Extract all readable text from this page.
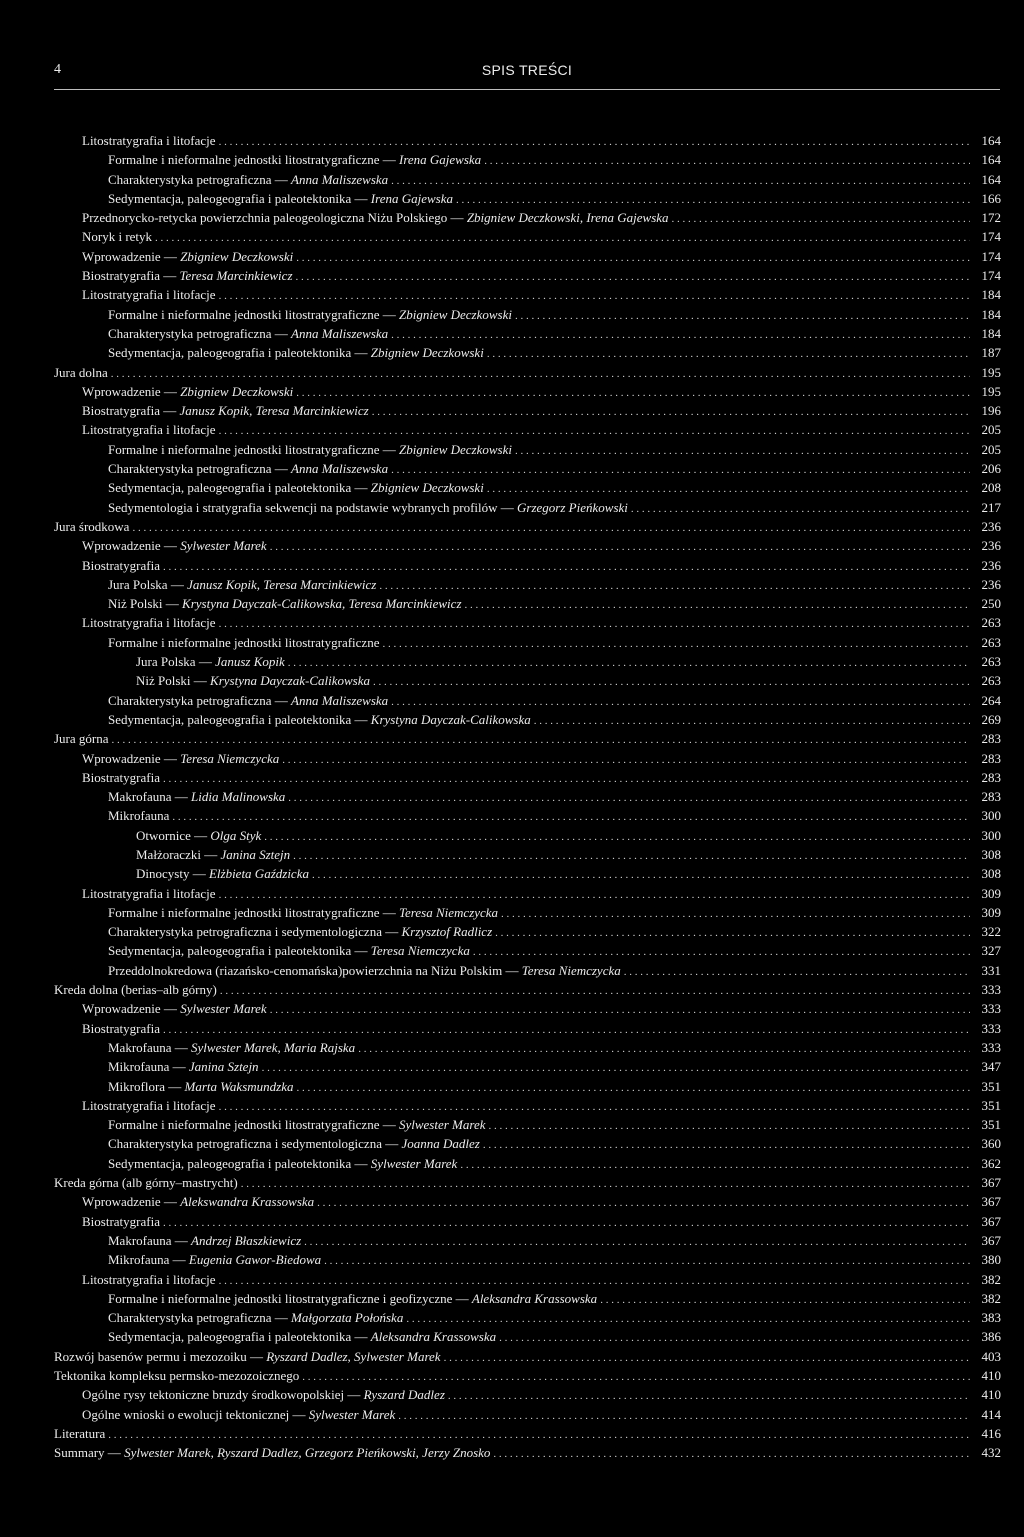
4	SPIS TREŚCI
Litostratygrafia i litofacje . . .	164
Formalne i nieformalne jednostki litostratygraficzne — Irena Gajewska . . .	164
Charakterystyka petrograficzna — Anna Maliszewska . . .	164
Sedymentacja, paleogeografia i paleotektonika — Irena Gajewska . . .	166
Przednorycko-retycka powierzchnia paleogeologiczna Niżu Polskiego — Zbigniew Deczkowski, Irena Gajewska . . .	172
Noryk i retyk . . .	174
Wprowadzenie — Zbigniew Deczkowski . . .	174
Biostratygrafia — Teresa Marcinkiewicz . . .	174
Litostratygrafia i litofacje . . .	184
Formalne i nieformalne jednostki litostratygraficzne — Zbigniew Deczkowski . . .	184
Charakterystyka petrograficzna — Anna Maliszewska . . .	184
Sedymentacja, paleogeografia i paleotektonika — Zbigniew Deczkowski . . .	187
Jura dolna . . .	195
Wprowadzenie — Zbigniew Deczkowski . . .	195
Biostratygrafia — Janusz Kopik, Teresa Marcinkiewicz . . .	196
Litostratygrafia i litofacje . . .	205
Formalne i nieformalne jednostki litostratygraficzne — Zbigniew Deczkowski . . .	205
Charakterystyka petrograficzna — Anna Maliszewska . . .	206
Sedymentacja, paleogeografia i paleotektonika — Zbigniew Deczkowski . . .	208
Sedymentologia i stratygrafia sekwencji na podstawie wybranych profilów — Grzegorz Pieńkowski . . .	217
Jura środkowa . . .	236
Wprowadzenie — Sylwester Marek . . .	236
Biostratygrafia . . .	236
Jura Polska — Janusz Kopik, Teresa Marcinkiewicz . . .	236
Niż Polski — Krystyna Dayczak-Calikowska, Teresa Marcinkiewicz . . .	250
Litostratygrafia i litofacje . . .	263
Formalne i nieformalne jednostki litostratygraficzne . . .	263
Jura Polska — Janusz Kopik . . .	263
Niż Polski — Krystyna Dayczak-Calikowska . . .	263
Charakterystyka petrograficzna — Anna Maliszewska . . .	264
Sedymentacja, paleogeografia i paleotektonika — Krystyna Dayczak-Calikowska . . .	269
Jura górna . . .	283
Wprowadzenie — Teresa Niemczycka . . .	283
Biostratygrafia . . .	283
Makrofauna — Lidia Malinowska . . .	283
Mikrofauna . . .	300
Otwornice — Olga Styk . . .	300
Małżoraczki — Janina Sztejn . . .	308
Dinocysty — Elżbieta Gaździcka . . .	308
Litostratygrafia i litofacje . . .	309
Formalne i nieformalne jednostki litostratygraficzne — Teresa Niemczycka . . .	309
Charakterystyka petrograficzna i sedymentologiczna — Krzysztof Radlicz . . .	322
Sedymentacja, paleogeografia i paleotektonika — Teresa Niemczycka . . .	327
Przeddolnokredowa (riazańsko-cenomańska)powierzchnia na Niżu Polskim — Teresa Niemczycka . . .	331
Kreda dolna (berias–alb górny) . . .	333
Wprowadzenie — Sylwester Marek . . .	333
Biostratygrafia . . .	333
Makrofauna — Sylwester Marek, Maria Rajska . . .	333
Mikrofauna — Janina Sztejn . . .	347
Mikroflora — Marta Waksmundzka . . .	351
Litostratygrafia i litofacje . . .	351
Formalne i nieformalne jednostki litostratygraficzne — Sylwester Marek . . .	351
Charakterystyka petrograficzna i sedymentologiczna — Joanna Dadlez . . .	360
Sedymentacja, paleogeografia i paleotektonika — Sylwester Marek . . .	362
Kreda górna (alb górny–mastrycht) . . .	367
Wprowadzenie — Alekswandra Krassowska . . .	367
Biostratygrafia . . .	367
Makrofauna — Andrzej Błaszkiewicz . . .	367
Mikrofauna — Eugenia Gawor-Biedowa . . .	380
Litostratygrafia i litofacje . . .	382
Formalne i nieformalne jednostki litostratygraficzne i geofizyczne — Aleksandra Krassowska . . .	382
Charakterystyka petrograficzna — Małgorzata Połońska . . .	383
Sedymentacja, paleogeografia i paleotektonika — Aleksandra Krassowska . . .	386
Rozwój basenów permu i mezozoiku — Ryszard Dadlez, Sylwester Marek . . .	403
Tektonika kompleksu permsko-mezozoicznego . . .	410
Ogólne rysy tektoniczne bruzdy środkowopolskiej — Ryszard Dadlez . . .	410
Ogólne wnioski o ewolucji tektonicznej — Sylwester Marek . . .	414
Literatura . . .	416
Summary — Sylwester Marek, Ryszard Dadlez, Grzegorz Pieńkowski, Jerzy Znosko . . .	432
